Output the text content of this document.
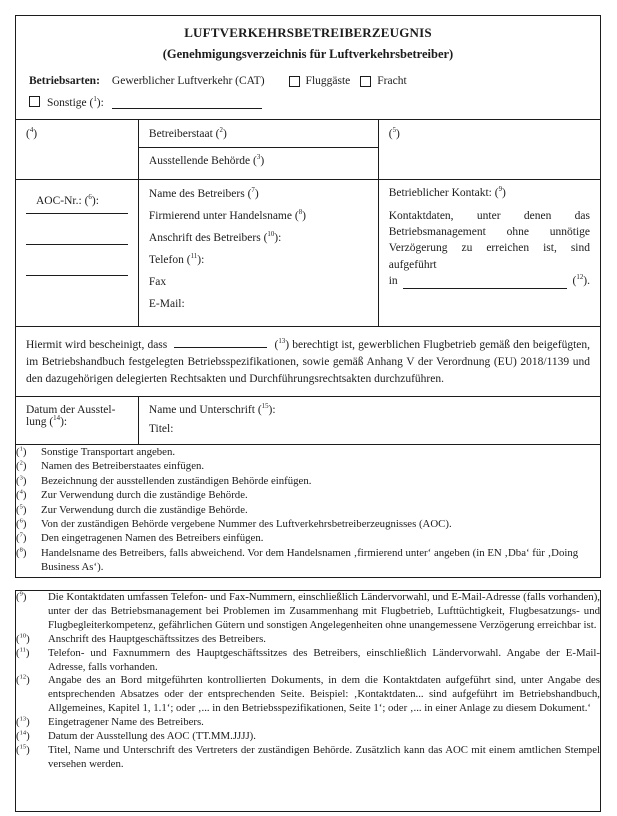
LUFTVERKEHRSBETREIBERZEUGNIS
(Genehmigungsverzeichnis für Luftverkehrsbetreiber)
Betriebsarten: Gewerblicher Luftverkehr (CAT)	Fluggäste Fracht
Sonstige ( $^1$ ) :
( $^4$ )	Betreiberstaat ( $^2$ )	( $^5$ )
	Ausstellende Behörde ( $^3$ )

AOC-Nr.: ( $^6$ ) :

Name des Betreibers ( $^7$ )
Firmierend unter Handelsname ( $^8$ )
Anschrift des Betreibers ( $^{10}$ ) :
Telefon ( $^{11}$ ) :
Fax
E-Mail:

Betrieblicher Kontakt: ( $^9$ )
Kontaktdaten, unter denen das Betriebsmanagement ohne unnötige Verzögerung zu erreichen ist, sind aufgeführt
in	( $^{12}$ ) .

Hiermit wird bescheinigt, dass ( $^{13}$ ) berechtigt ist, gewerblichen Flugbetrieb gemäß den beigefügten, im Betriebshandbuch festgelegten Betriebsspezifikationen, sowie gemäß Anhang V der Verordnung (EU) 2018/1139 und den dazugehörigen delegierten Rechtsakten und Durchführungsrechtsakten durchzuführen.

Datum der Ausstel-lung ( $^{14}$ ) :	Name und Unterschrift ( $^{15}$ ) :
Titel:
( $^1$ )	Sonstige Transportart angeben.
( $^2$ )	Namen des Betreiberstaates einfügen.
( $^3$ )	Bezeichnung der ausstellenden zuständigen Behörde einfügen.
( $^4$ )	Zur Verwendung durch die zuständige Behörde.
( $^5$ )	Zur Verwendung durch die zuständige Behörde.
( $^6$ )	Von der zuständigen Behörde vergebene Nummer des Luftverkehrsbetreiberzeugnisses (AOC).
( $^7$ )	Den eingetragenen Namen des Betreibers einfügen.
( $^8$ )	Handelsname des Betreibers, falls abweichend. Vor dem Handelsnamen ‚firmierend unter‘ angeben (in EN ‚Dba‘ für ‚Doing Business As‘).
( $^9$ )	Die Kontaktdaten umfassen Telefon- und Fax-Nummern, einschließlich Ländervorwahl, und E-Mail-Adresse (falls vorhanden), unter der das Betriebsmanagement bei Problemen im Zusammenhang mit Flugbetrieb, Lufttüchtigkeit, Flugbesatzungs- und Flugbegleiterkompetenz, gefährlichen Gütern und sonstigen Angelegenheiten ohne unangemessene Verzögerung erreichbar ist.
( $^{10}$ )	Anschrift des Hauptgeschäftssitzes des Betreibers.
( $^{11}$ )	Telefon- und Faxnummern des Hauptgeschäftssitzes des Betreibers, einschließlich Ländervorwahl. Angabe der E-Mail-Adresse, falls vorhanden.
( $^{12}$ )	Angabe des an Bord mitgeführten kontrollierten Dokuments, in dem die Kontaktdaten aufgeführt sind, unter Angabe des entsprechenden Absatzes oder der entsprechenden Seite. Beispiel: ‚Kontaktdaten... sind aufgeführt im Betriebshandbuch, Allgemeines, Kapitel 1, 1.1‘; oder ‚... in den Betriebsspezifikationen, Seite 1‘; oder ‚... in einer Anlage zu diesem Dokument.‘
( $^{13}$ )	Eingetragener Name des Betreibers.
( $^{14}$ )	Datum der Ausstellung des AOC (TT.MM.JJJJ).
( $^{15}$ )	Titel, Name und Unterschrift des Vertreters der zuständigen Behörde. Zusätzlich kann das AOC mit einem amtlichen Stempel versehen werden.
